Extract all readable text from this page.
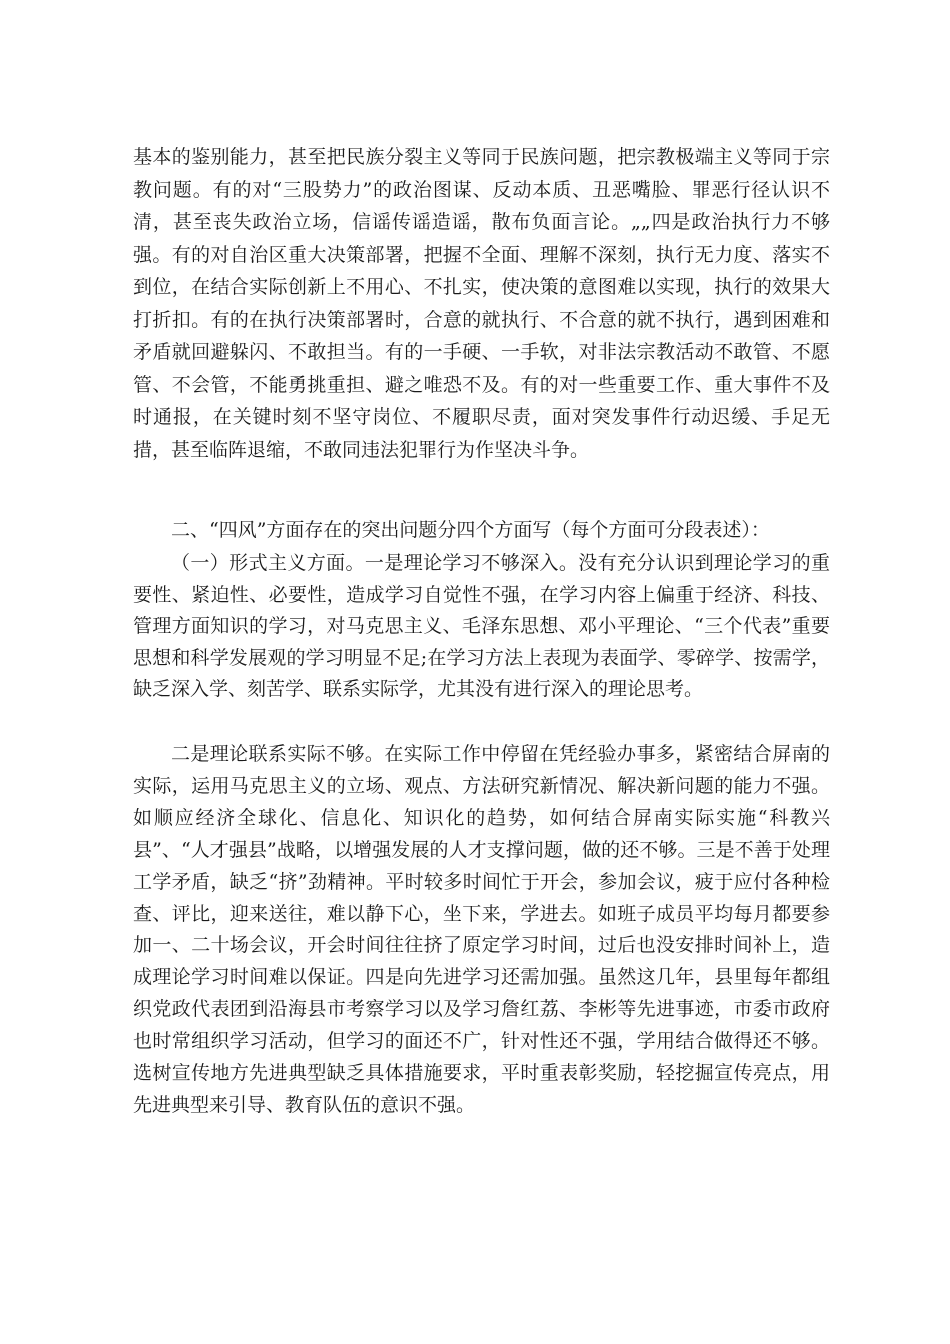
基本的鉴别能力，甚至把民族分裂主义等同于民族问题，把宗教极端主义等同于宗教问题。有的对“三股势力”的政治图谋、反动本质、丑恶嘴脸、罪恶行径认识不清，甚至丧失政治立场，信谣传谣造谣，散布负面言论。„„四是政治执行力不够强。有的对自治区重大决策部署，把握不全面、理解不深刻，执行无力度、落实不到位，在结合实际创新上不用心、不扎实，使决策的意图难以实现，执行的效果大打折扣。有的在执行决策部署时，合意的就执行、不合意的就不执行，遇到困难和矛盾就回避躲闪、不敢担当。有的一手硬、一手软，对非法宗教活动不敢管、不愿管、不会管，不能勇挑重担、避之唯恐不及。有的对一些重要工作、重大事件不及时通报，在关键时刻不坚守岗位、不履职尽责，面对突发事件行动迟缓、手足无措，甚至临阵退缩，不敢同违法犯罪行为作坚决斗争。

二、“四风”方面存在的突出问题分四个方面写（每个方面可分段表述）：

（一）形式主义方面。一是理论学习不够深入。没有充分认识到理论学习的重要性、紧迫性、必要性，造成学习自觉性不强，在学习内容上偏重于经济、科技、管理方面知识的学习，对马克思主义、毛泽东思想、邓小平理论、“三个代表”重要思想和科学发展观的学习明显不足;在学习方法上表现为表面学、零碎学、按需学，缺乏深入学、刻苦学、联系实际学，尤其没有进行深入的理论思考。

二是理论联系实际不够。在实际工作中停留在凭经验办事多，紧密结合屏南的实际，运用马克思主义的立场、观点、方法研究新情况、解决新问题的能力不强。如顺应经济全球化、信息化、知识化的趋势，如何结合屏南实际实施“科教兴县”、“人才强县”战略，以增强发展的人才支撑问题，做的还不够。三是不善于处理工学矛盾，缺乏“挤”劲精神。平时较多时间忙于开会，参加会议，疲于应付各种检查、评比，迎来送往，难以静下心，坐下来，学进去。如班子成员平均每月都要参加一、二十场会议，开会时间往往挤了原定学习时间，过后也没安排时间补上，造成理论学习时间难以保证。四是向先进学习还需加强。虽然这几年，县里每年都组织党政代表团到沿海县市考察学习以及学习詹红荔、李彬等先进事迹，市委市政府也时常组织学习活动，但学习的面还不广，针对性还不强，学用结合做得还不够。选树宣传地方先进典型缺乏具体措施要求，平时重表彰奖励，轻挖掘宣传亮点，用先进典型来引导、教育队伍的意识不强。
